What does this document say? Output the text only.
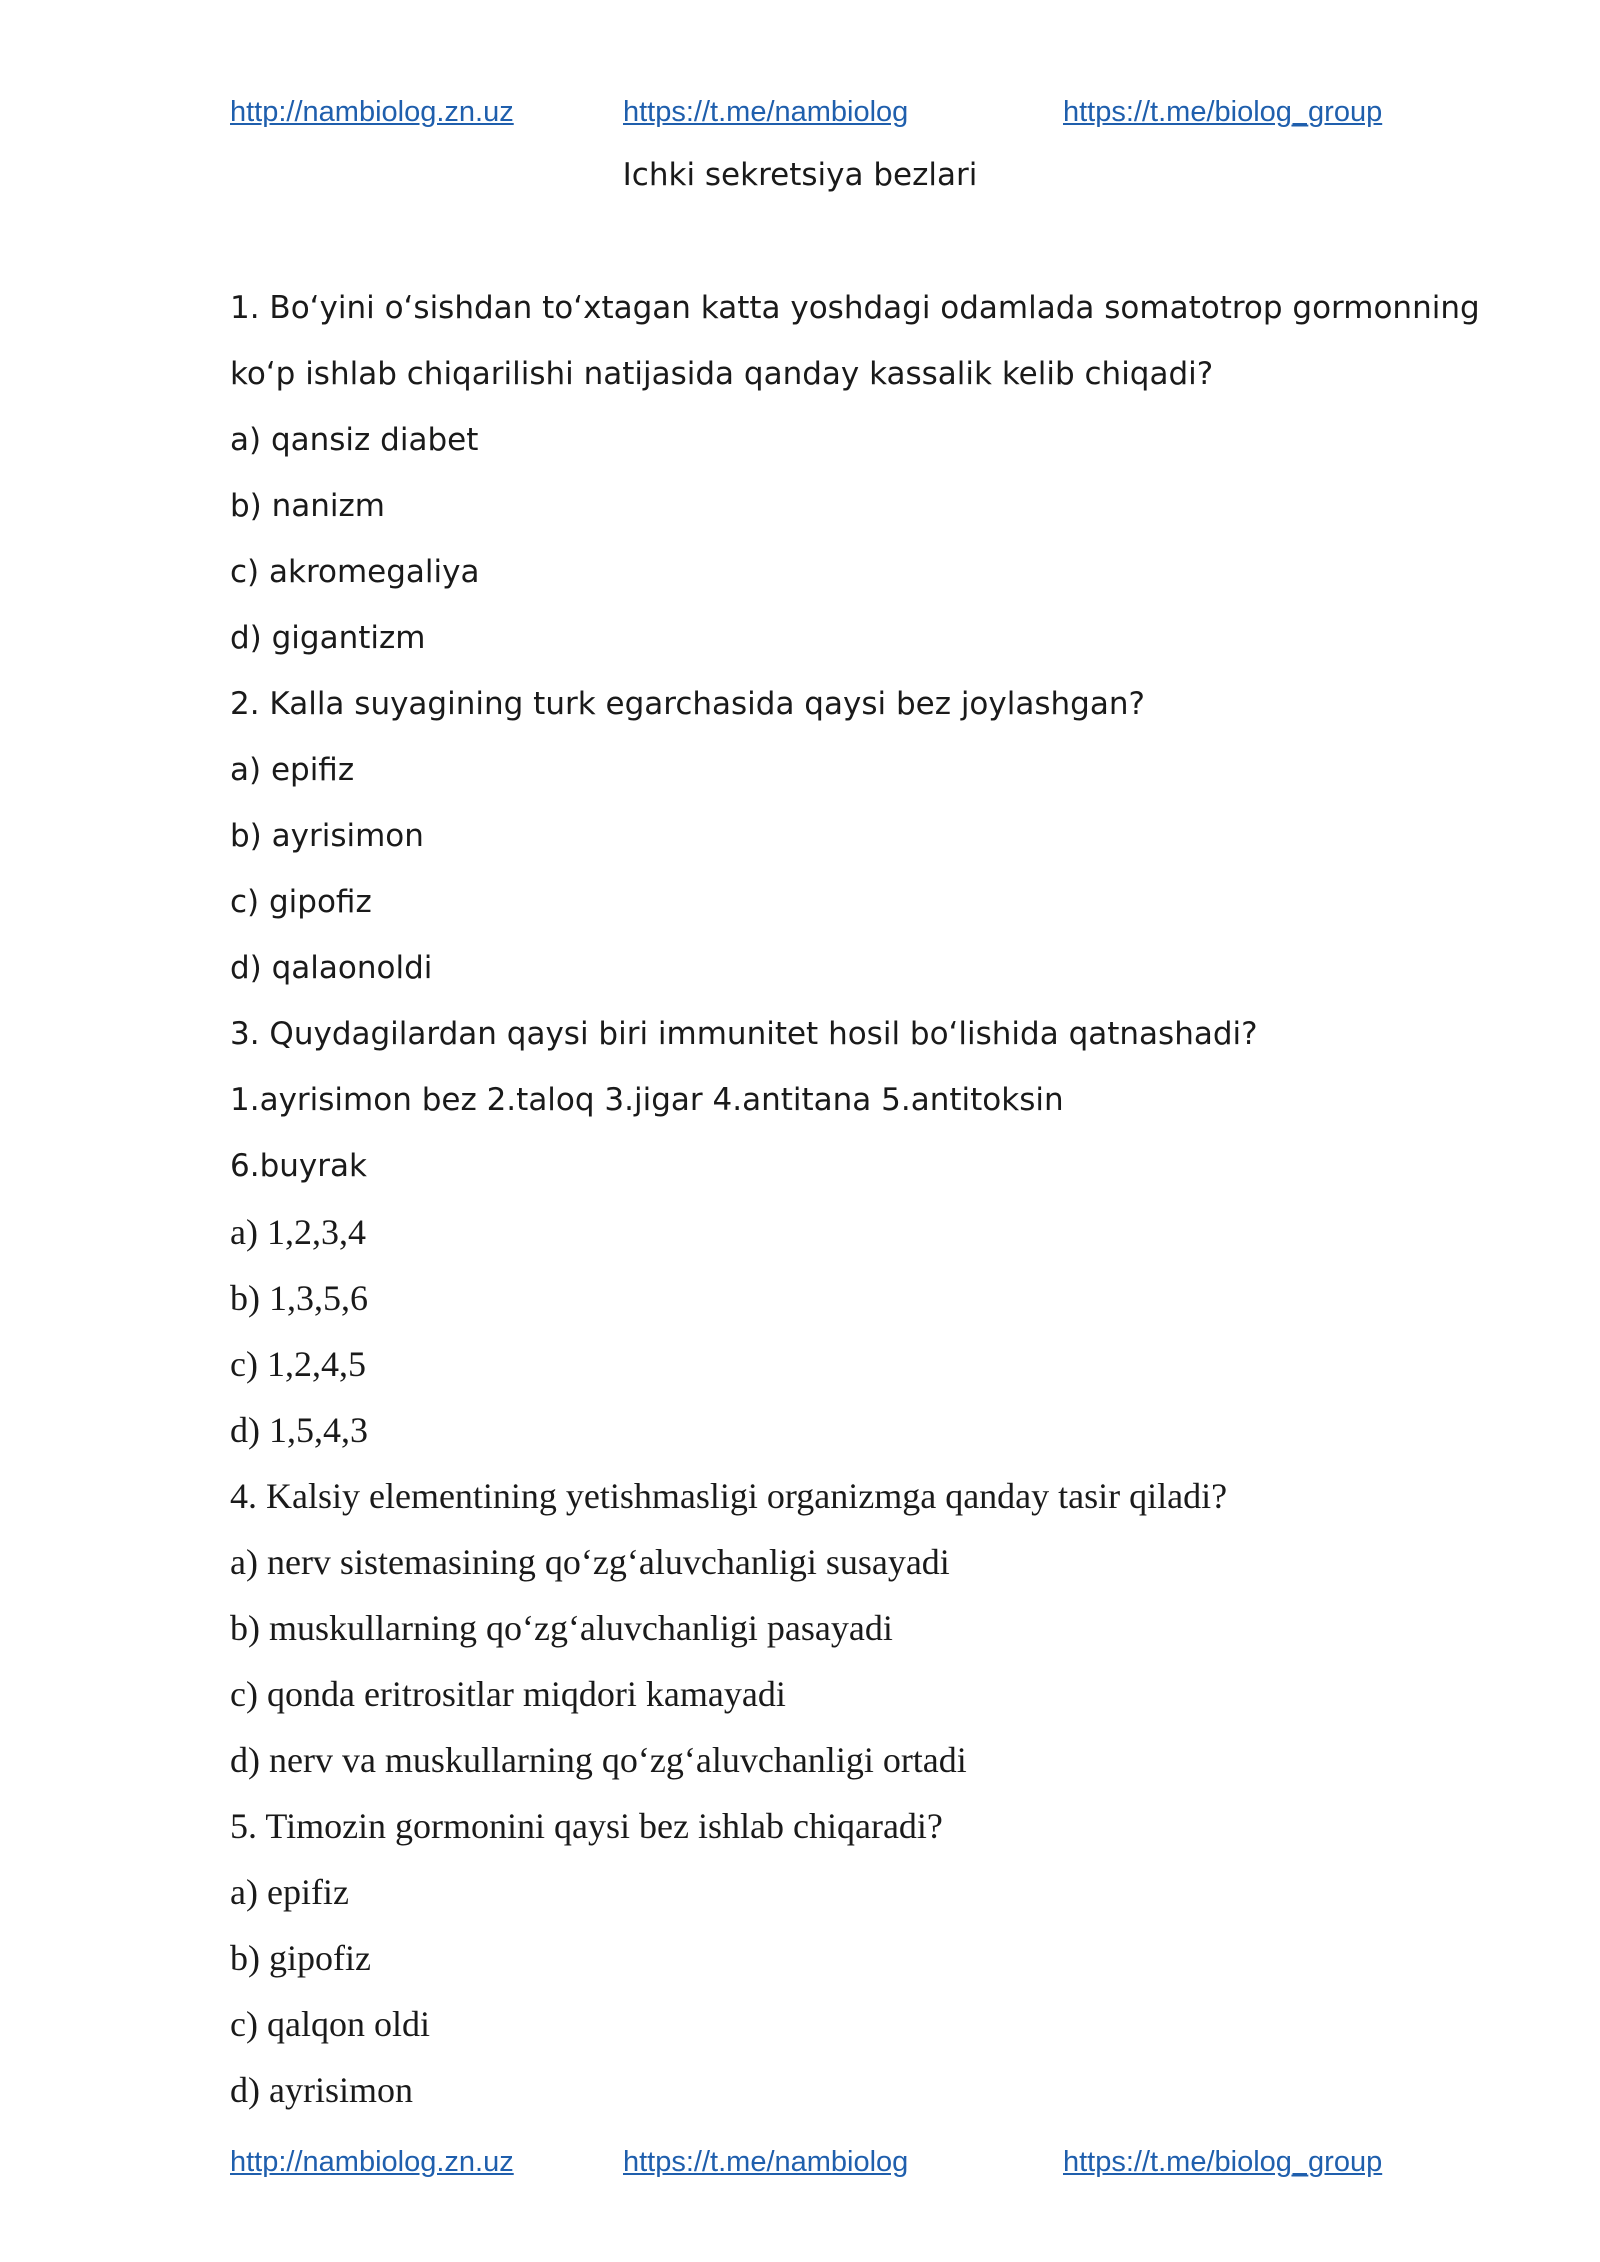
http://nambiolog.zn.uz	https://t.me/nambiolog	https://t.me/biolog_group
Ichki sekretsiya bezlari
1. Bo‘yini o‘sishdan to‘xtagan katta yoshdagi odamlada somatotrop gormonning
ko‘p ishlab chiqarilishi natijasida qanday kassalik kelib chiqadi?
a) qansiz diabet
b) nanizm
c) akromegaliya
d) gigantizm
2. Kalla suyagining turk egarchasida qaysi bez joylashgan?
a) epifiz
b) ayrisimon
c) gipofiz
d) qalaonoldi
3. Quydagilardan qaysi biri immunitet hosil bo‘lishida qatnashadi?
1.ayrisimon bez 2.taloq 3.jigar 4.antitana 5.antitoksin
6.buyrak
a) 1,2,3,4
b) 1,3,5,6
c) 1,2,4,5
d) 1,5,4,3
4. Kalsiy elementining yetishmasligi organizmga qanday tasir qiladi?
a) nerv sistemasining qo‘zg‘aluvchanligi susayadi
b) muskullarning qo‘zg‘aluvchanligi pasayadi
c) qonda eritrositlar miqdori kamayadi
d) nerv va muskullarning qo‘zg‘aluvchanligi ortadi
5. Timozin gormonini qaysi bez ishlab chiqaradi?
a) epifiz
b) gipofiz
c) qalqon oldi
d) ayrisimon
http://nambiolog.zn.uz	https://t.me/nambiolog	https://t.me/biolog_group
